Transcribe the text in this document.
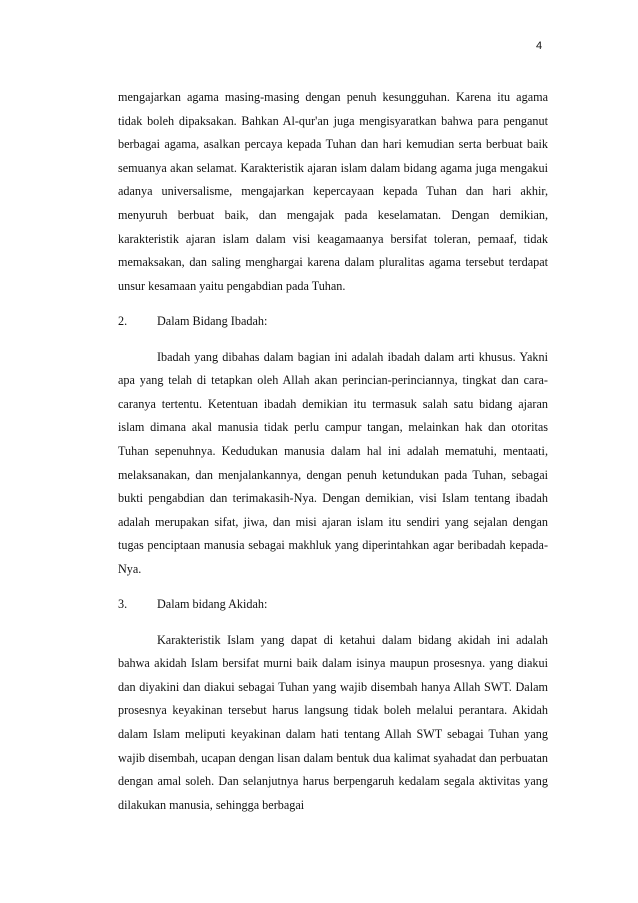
4

mengajarkan agama masing-masing dengan penuh kesungguhan. Karena itu agama tidak boleh dipaksakan. Bahkan Al-qur'an juga mengisyaratkan bahwa para penganut berbagai agama, asalkan percaya kepada Tuhan dan hari kemudian serta berbuat baik semuanya akan selamat. Karakteristik ajaran islam dalam bidang agama juga mengakui adanya universalisme, mengajarkan kepercayaan kepada Tuhan dan hari akhir, menyuruh berbuat baik, dan mengajak pada keselamatan. Dengan demikian, karakteristik ajaran islam dalam visi keagamaanya bersifat toleran, pemaaf, tidak memaksakan, dan saling menghargai karena dalam pluralitas agama tersebut terdapat unsur kesamaan yaitu pengabdian pada Tuhan.

2.	Dalam Bidang Ibadah:

Ibadah yang dibahas dalam bagian ini adalah ibadah dalam arti khusus. Yakni apa yang telah di tetapkan oleh Allah akan perincian-perinciannya, tingkat dan cara-caranya tertentu. Ketentuan ibadah demikian itu termasuk salah satu bidang ajaran islam dimana akal manusia tidak perlu campur tangan, melainkan hak dan otoritas Tuhan sepenuhnya. Kedudukan manusia dalam hal ini adalah mematuhi, mentaati, melaksanakan, dan menjalankannya, dengan penuh ketundukan pada Tuhan, sebagai bukti pengabdian dan terimakasih-Nya. Dengan demikian, visi Islam tentang ibadah adalah merupakan sifat, jiwa, dan misi ajaran islam itu sendiri yang sejalan dengan tugas penciptaan manusia sebagai makhluk yang diperintahkan agar beribadah kepada-Nya.

3.	Dalam bidang Akidah:

Karakteristik Islam yang dapat di ketahui dalam bidang akidah ini adalah bahwa akidah Islam bersifat murni baik dalam isinya maupun prosesnya. yang diakui dan diyakini dan diakui sebagai Tuhan yang wajib disembah hanya Allah SWT. Dalam prosesnya keyakinan tersebut harus langsung tidak boleh melalui perantara. Akidah dalam Islam meliputi keyakinan dalam hati tentang Allah SWT sebagai Tuhan yang wajib disembah, ucapan dengan lisan dalam bentuk dua kalimat syahadat dan perbuatan dengan amal soleh. Dan selanjutnya harus berpengaruh kedalam segala aktivitas yang dilakukan manusia, sehingga berbagai
